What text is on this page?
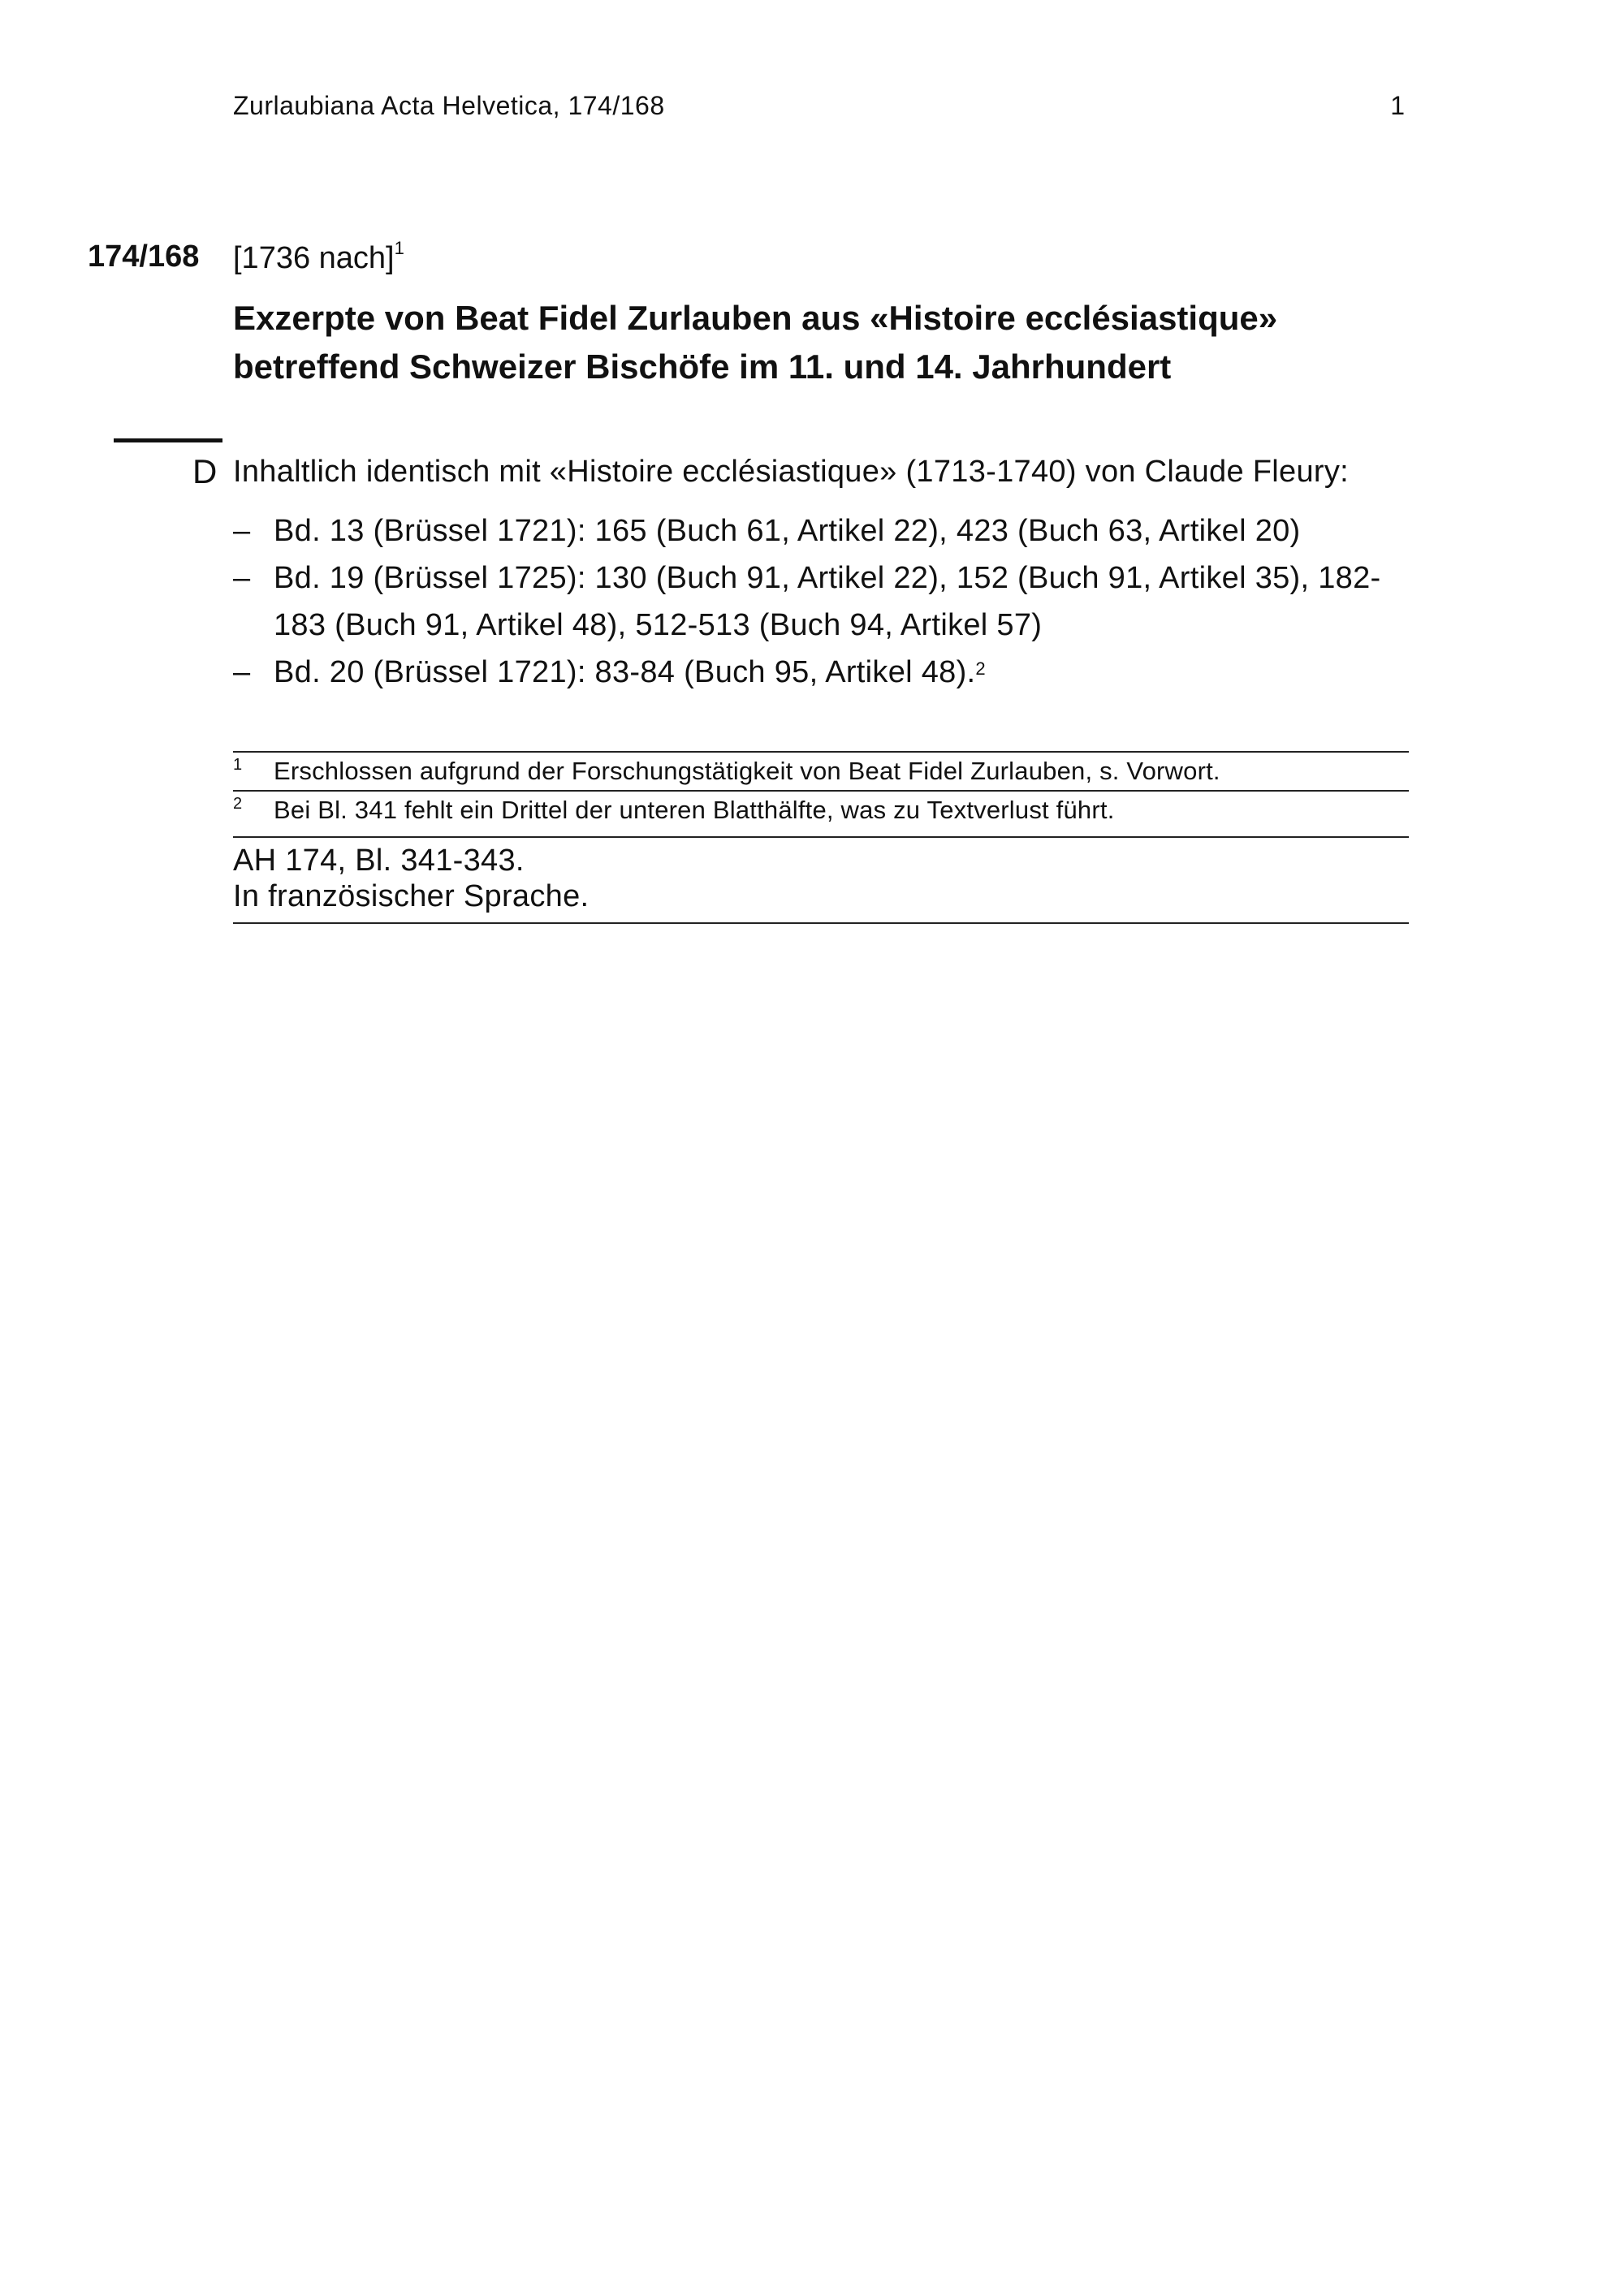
Zurlaubiana Acta Helvetica, 174/168	1
174/168 [1736 nach]$^1$
Exzerpte von Beat Fidel Zurlauben aus «Histoire ecclésiastique»
betreffend Schweizer Bischöfe im 11. und 14. Jahrhundert
D Inhaltlich identisch mit «Histoire ecclésiastique» (1713-1740) von Claude Fleury:
– Bd. 13 (Brüssel 1721): 165 (Buch 61, Artikel 22), 423 (Buch 63, Artikel 20)
– Bd. 19 (Brüssel 1725): 130 (Buch 91, Artikel 22), 152 (Buch 91, Artikel 35), 182-183 (Buch 91, Artikel 48), 512-513 (Buch 94, Artikel 57)
– Bd. 20 (Brüssel 1721): 83-84 (Buch 95, Artikel 48).$^2$
1 Erschlossen aufgrund der Forschungstätigkeit von Beat Fidel Zurlauben, s. Vorwort.
2 Bei Bl. 341 fehlt ein Drittel der unteren Blatthälfte, was zu Textverlust führt.
AH 174, Bl. 341-343.
In französischer Sprache.
